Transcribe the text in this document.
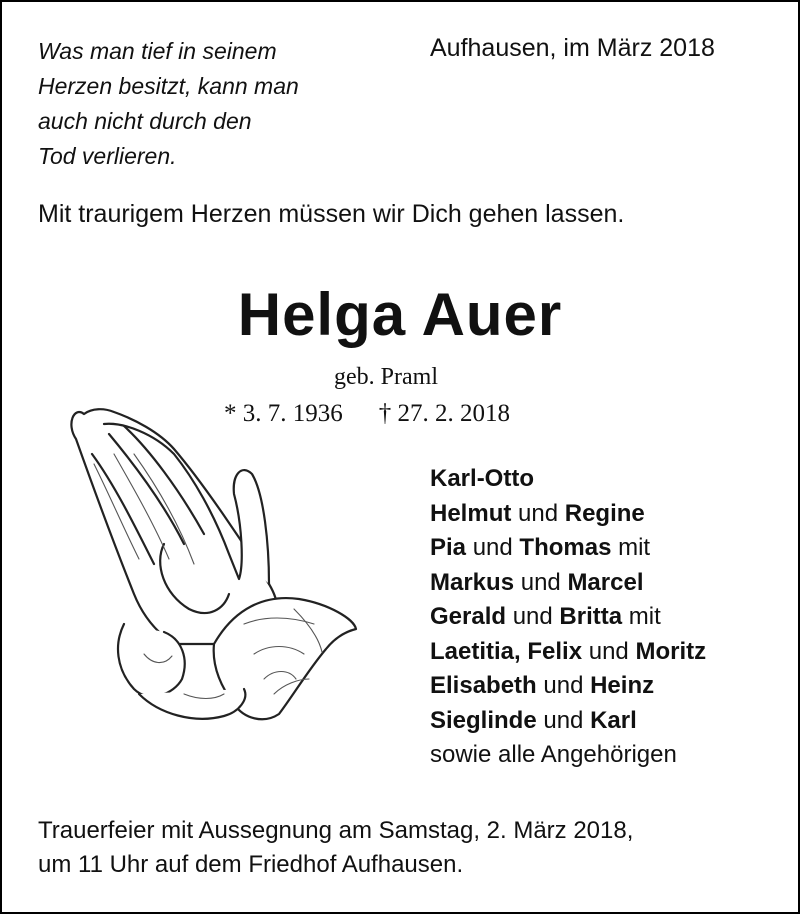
Was man tief in seinem
Herzen besitzt, kann man
auch nicht durch den
Tod verlieren.
Aufhausen, im März 2018
Mit traurigem Herzen müssen wir Dich gehen lassen.
Helga Auer
geb. Praml
* 3. 7. 1936 † 27. 2. 2018
Karl-Otto
Helmut und Regine
Pia und Thomas mit
Markus und Marcel
Gerald und Britta mit
Laetitia, Felix und Moritz
Elisabeth und Heinz
Sieglinde und Karl
sowie alle Angehörigen
Trauerfeier mit Aussegnung am Samstag, 2. März 2018,
um 11 Uhr auf dem Friedhof Aufhausen.
